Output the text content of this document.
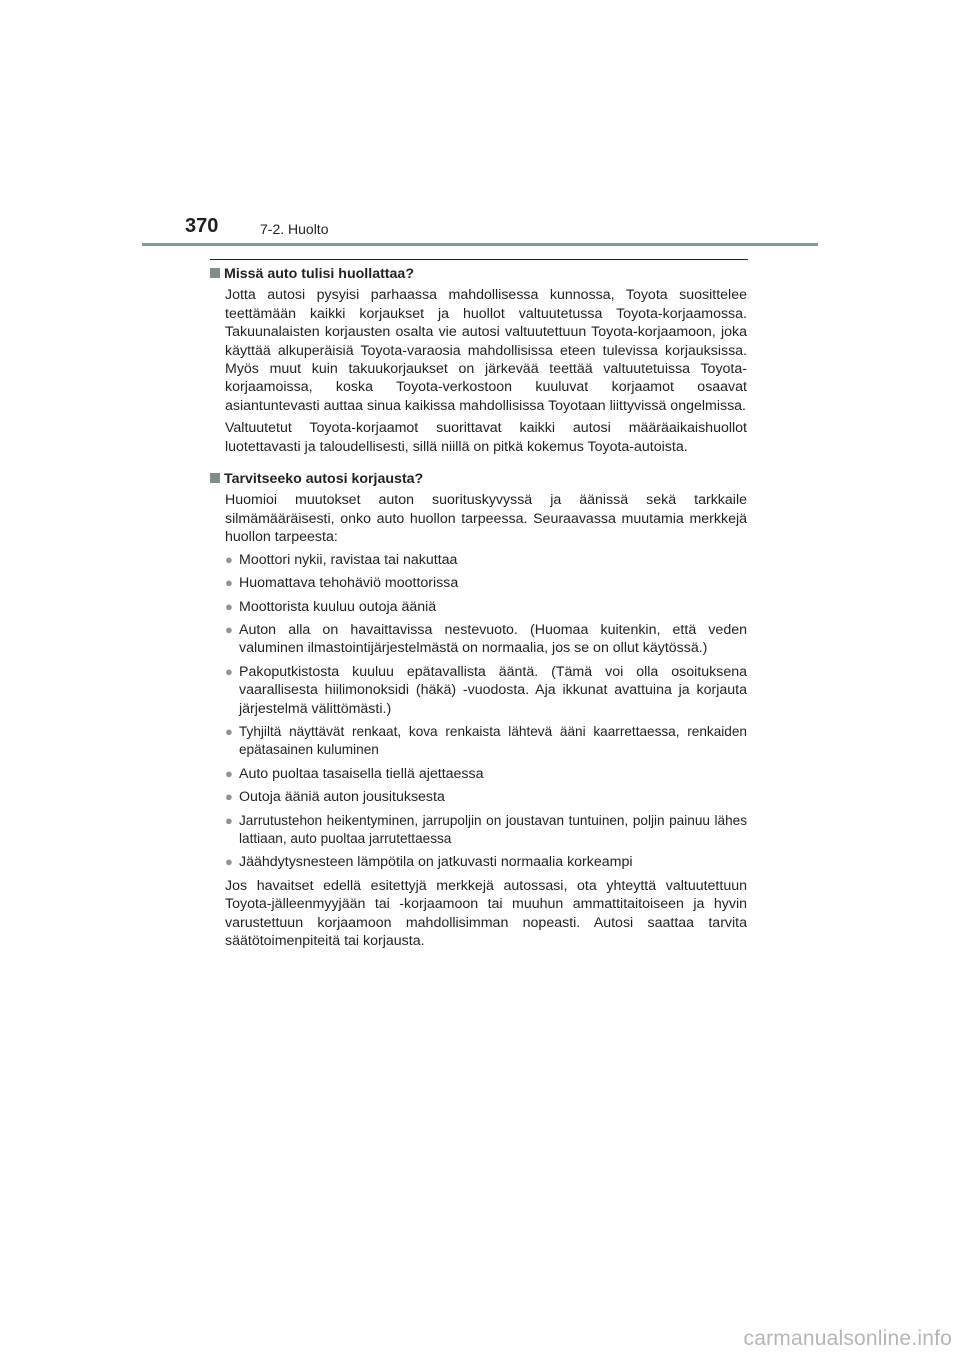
370	7-2. Huolto
Missä auto tulisi huollattaa?

Jotta autosi pysyisi parhaassa mahdollisessa kunnossa, Toyota suosittelee teettämään kaikki korjaukset ja huollot valtuutetussa Toyota-korjaamossa. Takuunalaisten korjausten osalta vie autosi valtuutettuun Toyota-korjaamoon, joka käyttää alkuperäisiä Toyota-varaosia mahdollisissa eteen tulevissa korjauksissa. Myös muut kuin takuukorjaukset on järkevää teettää valtuutetuissa Toyota-korjaamoissa, koska Toyota-verkostoon kuuluvat korjaamot osaavat asiantuntevasti auttaa sinua kaikissa mahdollisissa Toyotaan liittyvissä ongelmissa.

Valtuutetut Toyota-korjaamot suorittavat kaikki autosi määräaikaishuollot luotettavasti ja taloudellisesti, sillä niillä on pitkä kokemus Toyota-autoista.

Tarvitseeko autosi korjausta?

Huomioi muutokset auton suorituskyvyssä ja äänissä sekä tarkkaile silmämääräisesti, onko auto huollon tarpeessa. Seuraavassa muutamia merkkejä huollon tarpeesta:

● Moottori nykii, ravistaa tai nakuttaa
● Huomattava tehohäviö moottorissa
● Moottorista kuuluu outoja ääniä
● Auton alla on havaittavissa nestevuoto. (Huomaa kuitenkin, että veden valuminen ilmastointijärjestelmästä on normaalia, jos se on ollut käytössä.)
● Pakoputkistosta kuuluu epätavallista ääntä. (Tämä voi olla osoituksena vaarallisesta hiilimonoksidi (häkä) -vuodosta. Aja ikkunat avattuina ja korjauta järjestelmä välittömästi.)
● Tyhjiltä näyttävät renkaat, kova renkaista lähtevä ääni kaarrettaessa, renkaiden epätasainen kuluminen
● Auto puoltaa tasaisella tiellä ajettaessa
● Outoja ääniä auton jousituksesta
● Jarrutustehon heikentyminen, jarrupoljin on joustavan tuntuinen, poljin painuu lähes lattiaan, auto puoltaa jarrutettaessa
● Jäähdytysnesteen lämpötila on jatkuvasti normaalia korkeampi

Jos havaitset edellä esitettyjä merkkejä autossasi, ota yhteyttä valtuutettuun Toyota-jälleenmyyjään tai -korjaamoon tai muuhun ammattitaitoiseen ja hyvin varustettuun korjaamoon mahdollisimman nopeasti. Autosi saattaa tarvita säätötoimenpiteitä tai korjausta.

carmanualsonline.info
